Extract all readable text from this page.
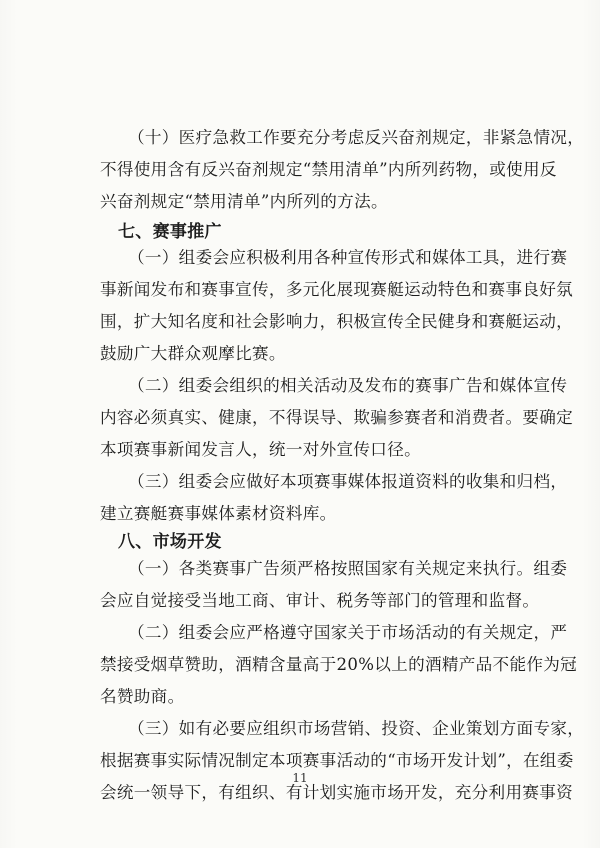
（十）医疗急救工作要充分考虑反兴奋剂规定，非紧急情况，
不得使用含有反兴奋剂规定“禁用清单”内所列药物，或使用反
兴奋剂规定“禁用清单”内所列的方法。
七、赛事推广
（一）组委会应积极利用各种宣传形式和媒体工具，进行赛
事新闻发布和赛事宣传，多元化展现赛艇运动特色和赛事良好氛
围，扩大知名度和社会影响力，积极宣传全民健身和赛艇运动，
鼓励广大群众观摩比赛。
（二）组委会组织的相关活动及发布的赛事广告和媒体宣传
内容必须真实、健康，不得误导、欺骗参赛者和消费者。要确定
本项赛事新闻发言人，统一对外宣传口径。
（三）组委会应做好本项赛事媒体报道资料的收集和归档，
建立赛艇赛事媒体素材资料库。
八、市场开发
（一）各类赛事广告须严格按照国家有关规定来执行。组委
会应自觉接受当地工商、审计、税务等部门的管理和监督。
（二）组委会应严格遵守国家关于市场活动的有关规定，严
禁接受烟草赞助，酒精含量高于20%以上的酒精产品不能作为冠
名赞助商。
（三）如有必要应组织市场营销、投资、企业策划方面专家，
根据赛事实际情况制定本项赛事活动的“市场开发计划”，在组委
会统一领导下，有组织、有计划实施市场开发，充分利用赛事资
11
